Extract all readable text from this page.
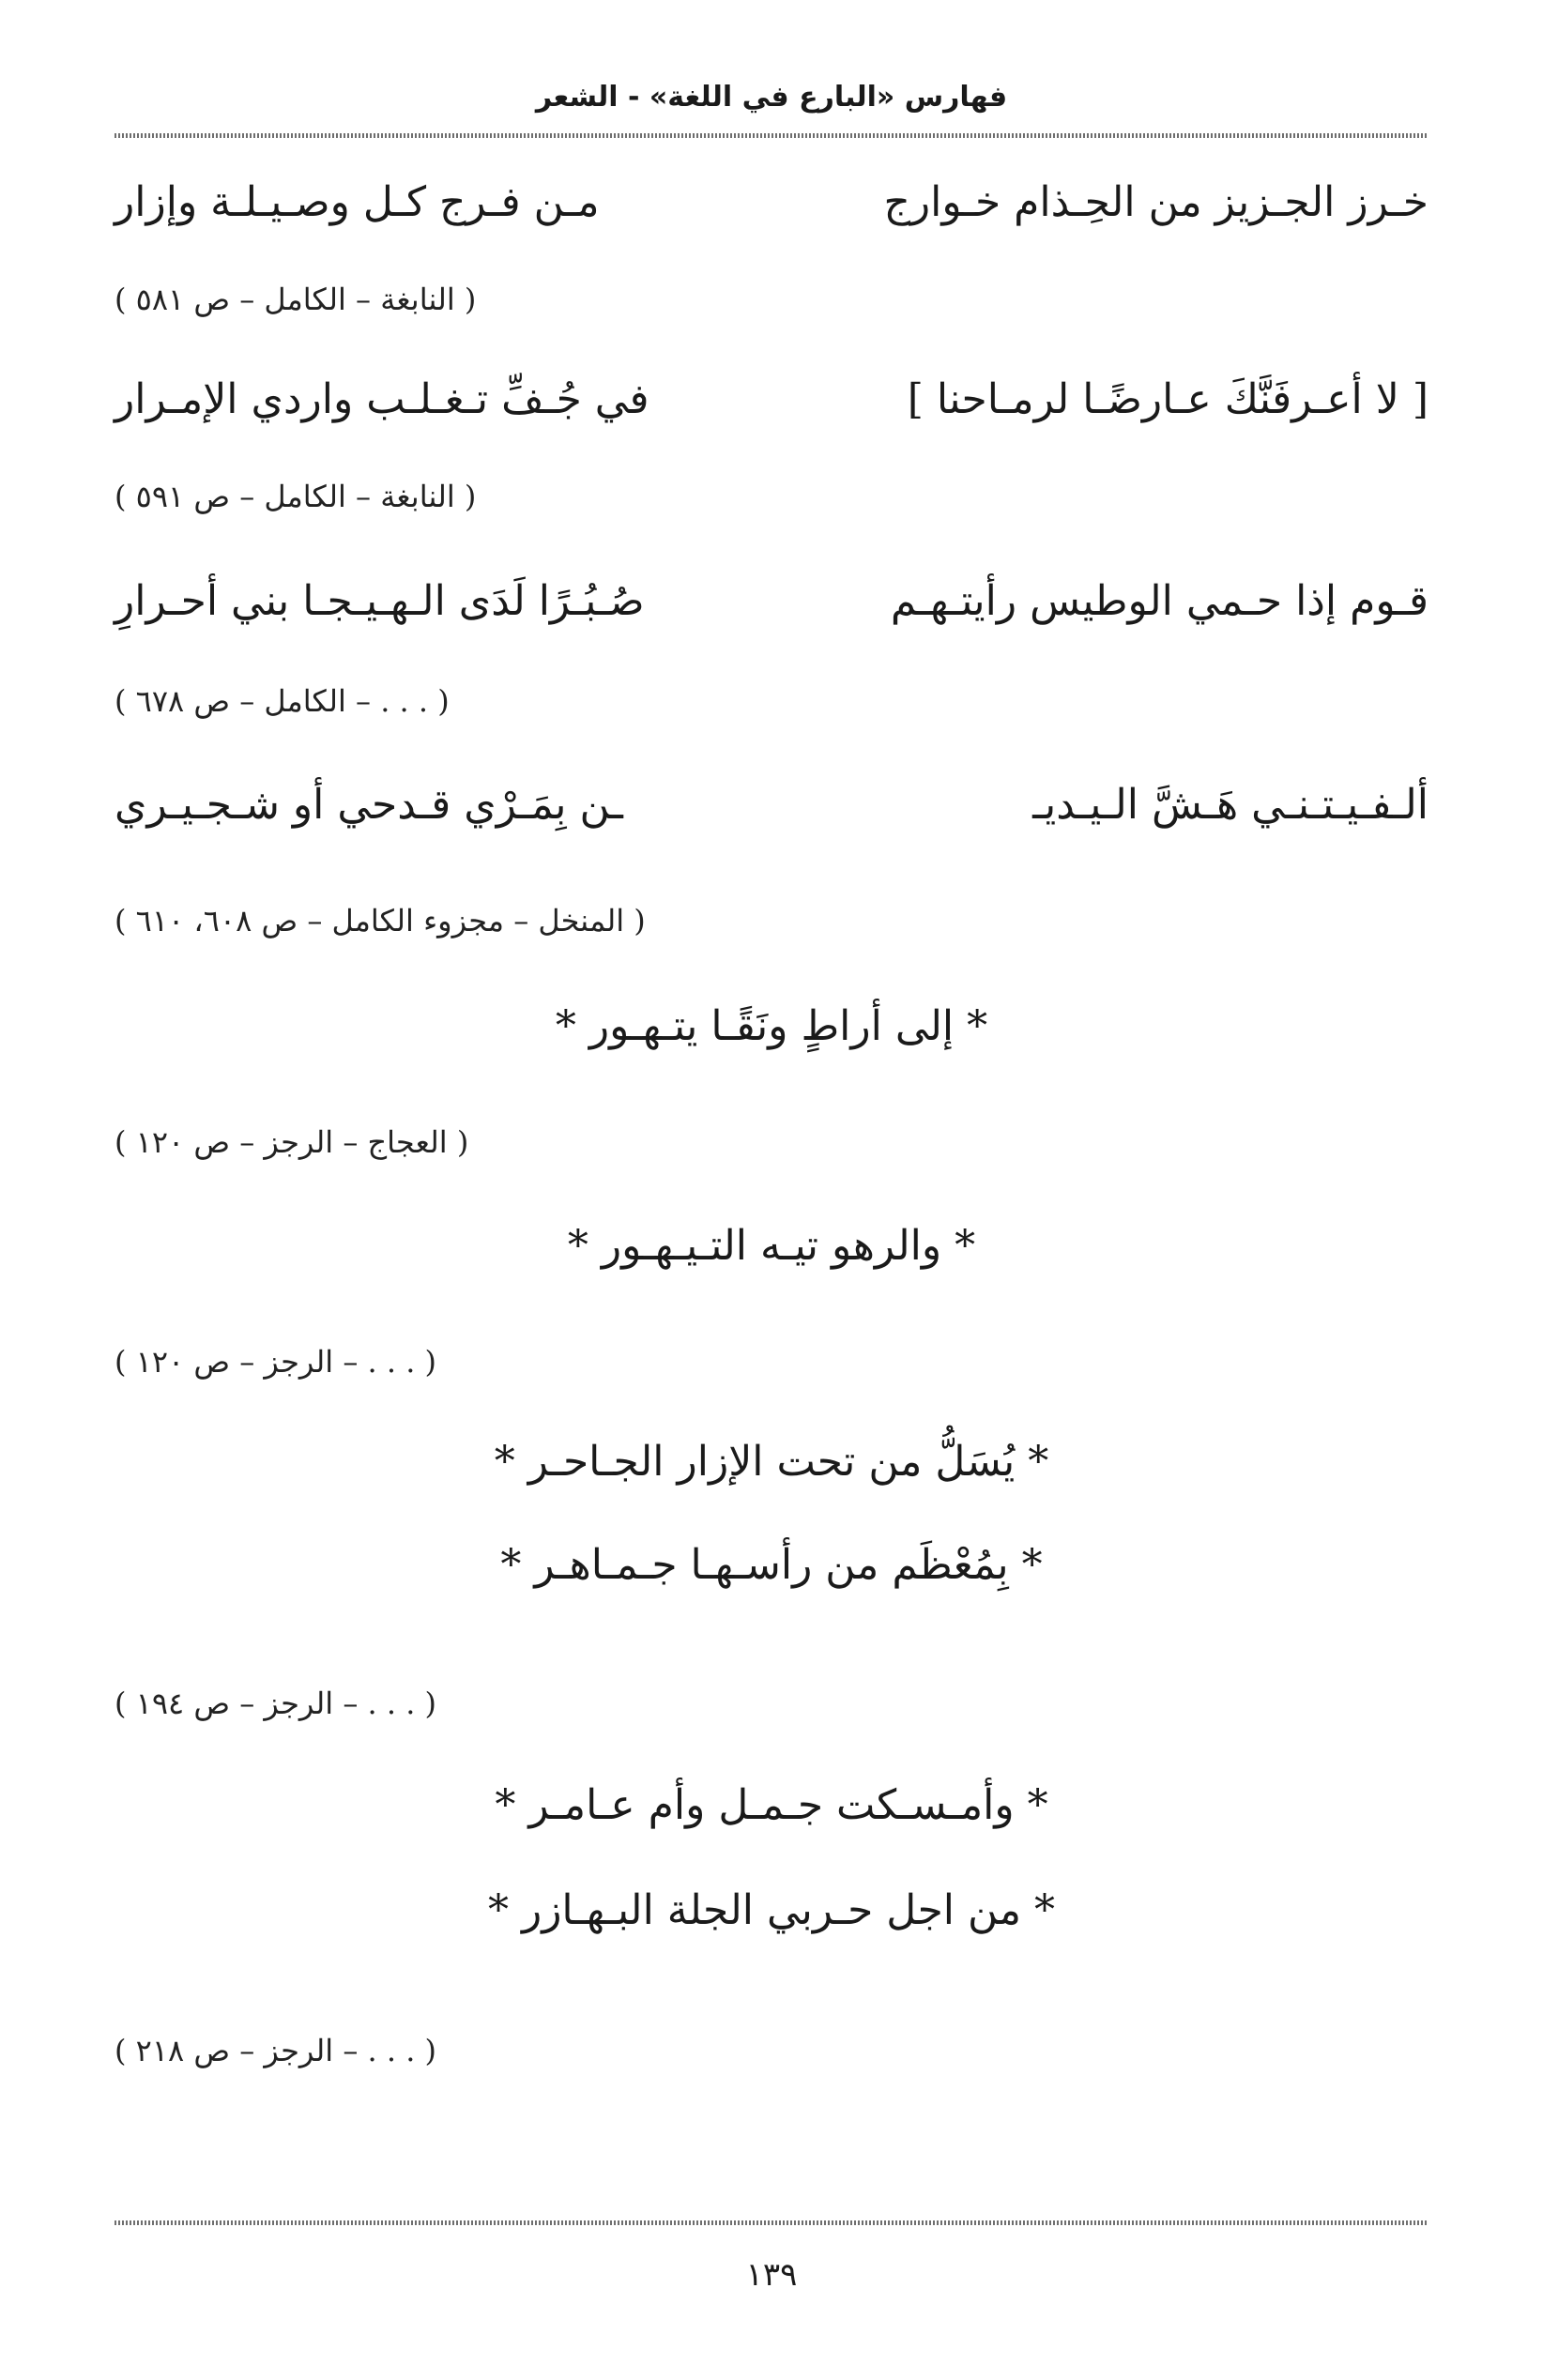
فهارس «البارع في اللغة» - الشعر
خـرز الجـزيز من الحِـذام خـوارج
مـن فـرج كـل وصـيـلـة وإزار
( النابغة – الكامل – ص ٥٨١ )
[ لا أعـرفَنَّكَ عـارضًـا لرمـاحنا ]
في جُـفِّ تـغـلـب واردي الإمـرار
( النابغة – الكامل – ص ٥٩١ )
قـوم إذا حـمي الوطيس رأيتـهـم
صُـبُـرًا لَدَى الـهـيـجـا بني أحـرارِ
( . . . – الكامل – ص ٦٧٨ )
ألـفـيـتـنـي هَـشَّ الـيـديـ
ـن بِمَـرْي قـدحي أو شـجـيـري
( المنخل – مجزوء الكامل – ص ٦٠٨، ٦١٠ )
* إلى أراطٍ ونَقًـا يتـهـور *
( العجاج – الرجز – ص ١٢٠ )
* والرهو تيـه التـيـهـور *
( . . . – الرجز – ص ١٢٠ )
* يُسَلُّ من تحت الإزار الجـاحـر *
* بِمُعْظَم من رأسـهـا جـمـاهـر *
( . . . – الرجز – ص ١٩٤ )
* وأمـسـكت جـمـل وأم عـامـر *
* من اجل حـربي الجلة البـهـازر *
( . . . – الرجز – ص ٢١٨ )
١٣٩
